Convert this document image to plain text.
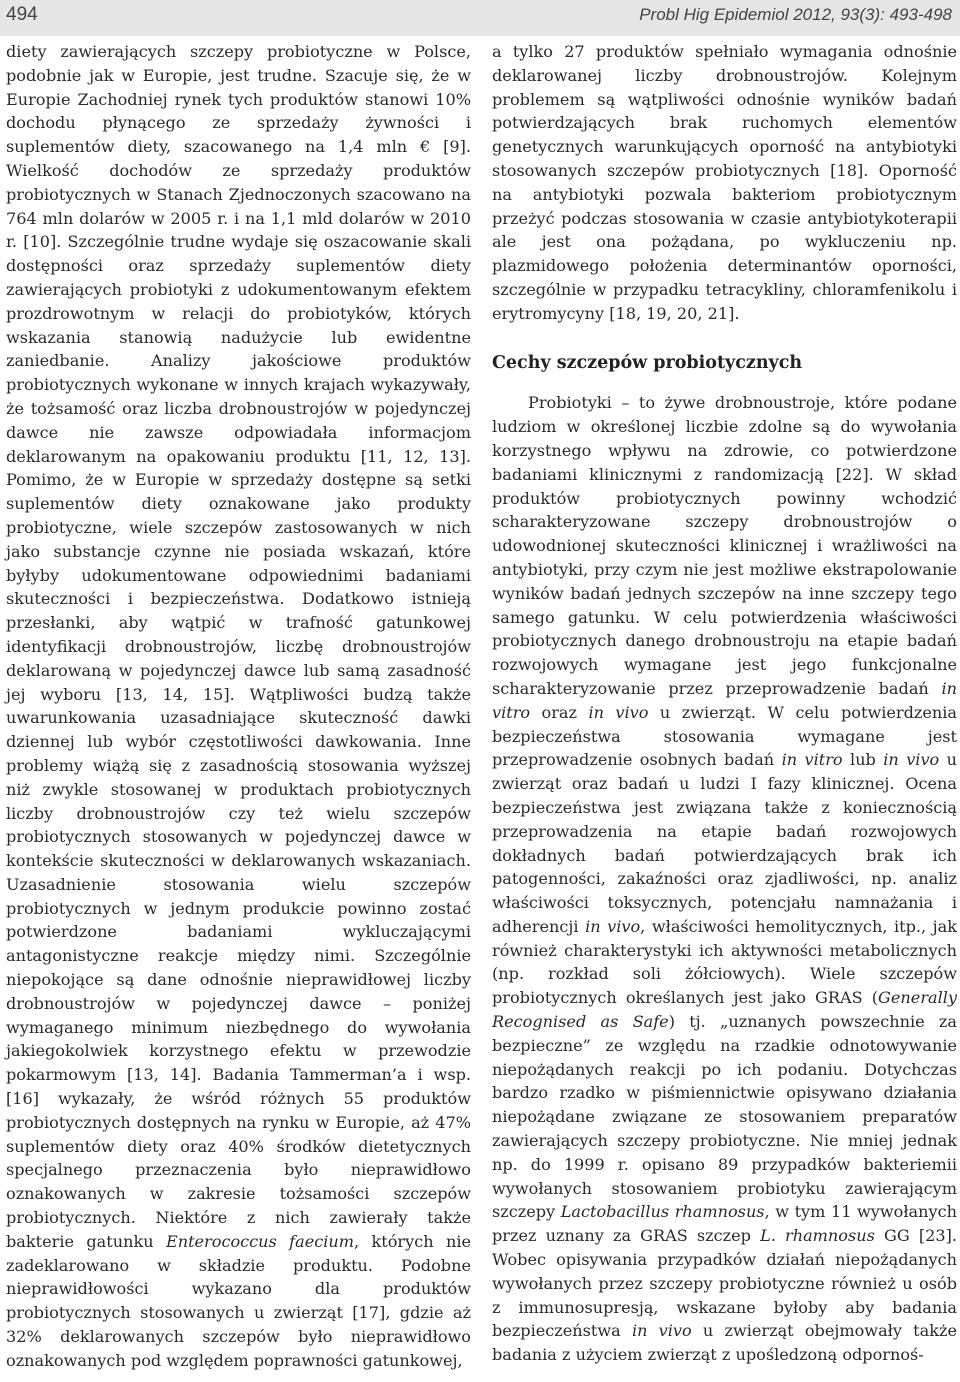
494	Probl Hig Epidemiol 2012, 93(3): 493-498

diety zawierających szczepy probiotyczne w Polsce, podobnie jak w Europie, jest trudne. Szacuje się, że w Europie Zachodniej rynek tych produktów stanowi 10% dochodu płynącego ze sprzedaży żywności i suplementów diety, szacowanego na 1,4 mln € [9]. Wielkość dochodów ze sprzedaży produktów probiotycznych w Stanach Zjednoczonych szacowano na 764 mln dolarów w 2005 r. i na 1,1 mld dolarów w 2010 r. [10]. Szczególnie trudne wydaje się oszacowanie skali dostępności oraz sprzedaży suplementów diety zawierających probiotyki z udokumentowanym efektem prozdrowotnym w relacji do probiotyków, których wskazania stanowią nadużycie lub ewidentne zaniedbanie. Analizy jakościowe produktów probiotycznych wykonane w innych krajach wykazywały, że tożsamość oraz liczba drobnoustrojów w pojedynczej dawce nie zawsze odpowiadała informacjom deklarowanym na opakowaniu produktu [11, 12, 13]. Pomimo, że w Europie w sprzedaży dostępne są setki suplementów diety oznakowane jako produkty probiotyczne, wiele szczepów zastosowanych w nich jako substancje czynne nie posiada wskazań, które byłyby udokumentowane odpowiednimi badaniami skuteczności i bezpieczeństwa. Dodatkowo istnieją przesłanki, aby wątpić w trafność gatunkowej identyfikacji drobnoustrojów, liczbę drobnoustrojów deklarowaną w pojedynczej dawce lub samą zasadność jej wyboru [13, 14, 15]. Wątpliwości budzą także uwarunkowania uzasadniające skuteczność dawki dziennej lub wybór częstotliwości dawkowania. Inne problemy wiążą się z zasadnością stosowania wyższej niż zwykle stosowanej w produktach probiotycznych liczby drobnoustrojów czy też wielu szczepów probiotycznych stosowanych w pojedynczej dawce w kontekście skuteczności w deklarowanych wskazaniach. Uzasadnienie stosowania wielu szczepów probiotycznych w jednym produkcie powinno zostać potwierdzone badaniami wykluczającymi antagonistyczne reakcje między nimi. Szczególnie niepokojące są dane odnośnie nieprawidłowej liczby drobnoustrojów w pojedynczej dawce – poniżej wymaganego minimum niezbędnego do wywołania jakiegokolwiek korzystnego efektu w przewodzie pokarmowym [13, 14]. Badania Tammerman’a i wsp. [16] wykazały, że wśród różnych 55 produktów probiotycznych dostępnych na rynku w Europie, aż 47% suplementów diety oraz 40% środków dietetycznych specjalnego przeznaczenia było nieprawidłowo oznakowanych w zakresie tożsamości szczepów probiotycznych. Niektóre z nich zawierały także bakterie gatunku Enterococcus faecium, których nie zadeklarowano w składzie produktu. Podobne nieprawidłowości wykazano dla produktów probiotycznych stosowanych u zwierząt [17], gdzie aż 32% deklarowanych szczepów było nieprawidłowo oznakowanych pod względem poprawności gatunkowej,

a tylko 27 produktów spełniało wymagania odnośnie deklarowanej liczby drobnoustrojów. Kolejnym problemem są wątpliwości odnośnie wyników badań potwierdzających brak ruchomych elementów genetycznych warunkujących oporność na antybiotyki stosowanych szczepów probiotycznych [18]. Oporność na antybiotyki pozwala bakteriom probiotycznym przeżyć podczas stosowania w czasie antybiotykoterapii ale jest ona pożądana, po wykluczeniu np. plazmidowego położenia determinantów oporności, szczególnie w przypadku tetracykliny, chloramfenikolu i erytromycyny [18, 19, 20, 21].

Cechy szczepów probiotycznych

Probiotyki – to żywe drobnoustroje, które podane ludziom w określonej liczbie zdolne są do wywołania korzystnego wpływu na zdrowie, co potwierdzone badaniami klinicznymi z randomizacją [22]. W skład produktów probiotycznych powinny wchodzić scharakteryzowane szczepy drobnoustrojów o udowodnionej skuteczności klinicznej i wrażliwości na antybiotyki, przy czym nie jest możliwe ekstrapolowanie wyników badań jednych szczepów na inne szczepy tego samego gatunku. W celu potwierdzenia właściwości probiotycznych danego drobnoustroju na etapie badań rozwojowych wymagane jest jego funkcjonalne scharakteryzowanie przez przeprowadzenie badań in vitro oraz in vivo u zwierząt. W celu potwierdzenia bezpieczeństwa stosowania wymagane jest przeprowadzenie osobnych badań in vitro lub in vivo u zwierząt oraz badań u ludzi I fazy klinicznej. Ocena bezpieczeństwa jest związana także z koniecznością przeprowadzenia na etapie badań rozwojowych dokładnych badań potwierdzających brak ich patogenności, zakaźności oraz zjadliwości, np. analiz właściwości toksycznych, potencjału namnażania i adherencji in vivo, właściwości hemolitycznych, itp., jak również charakterystyki ich aktywności metabolicznych (np. rozkład soli żółciowych). Wiele szczepów probiotycznych określanych jest jako GRAS (Generally Recognised as Safe) tj. „uznanych powszechnie za bezpieczne” ze względu na rzadkie odnotowywanie niepożądanych reakcji po ich podaniu. Dotychczas bardzo rzadko w piśmiennictwie opisywano działania niepożądane związane ze stosowaniem preparatów zawierających szczepy probiotyczne. Nie mniej jednak np. do 1999 r. opisano 89 przypadków bakteriemii wywołanych stosowaniem probiotyku zawierającym szczepy Lactobacillus rhamnosus, w tym 11 wywołanych przez uznany za GRAS szczep L. rhamnosus GG [23]. Wobec opisywania przypadków działań niepożądanych wywołanych przez szczepy probiotyczne również u osób z immunosupresją, wskazane byłoby aby badania bezpieczeństwa in vivo u zwierząt obejmowały także badania z użyciem zwierząt z upośledzoną odpornoś-
